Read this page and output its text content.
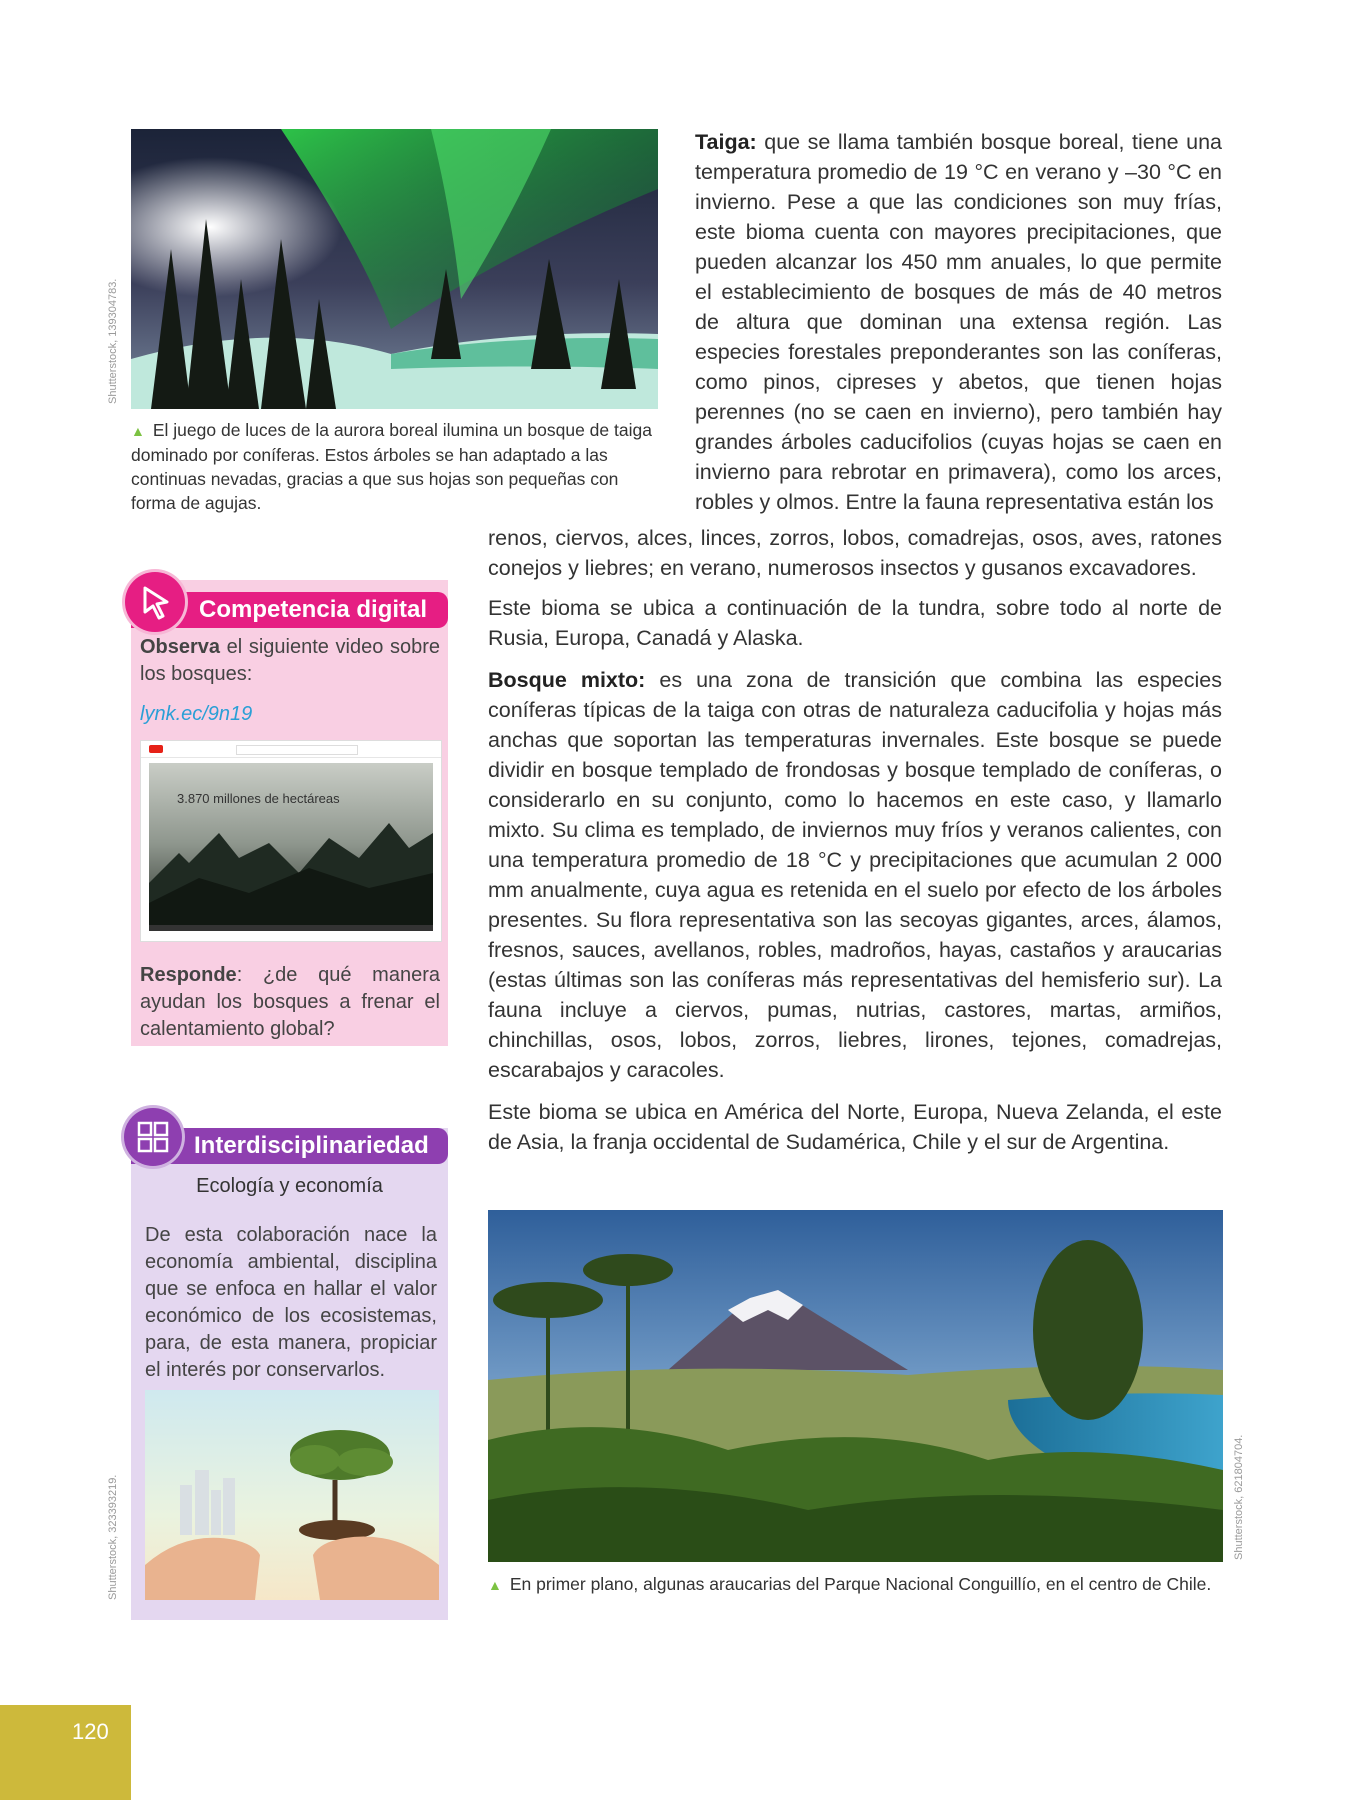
Shutterstock, 139304783.
▲ El juego de luces de la aurora boreal ilumina un bosque de taiga dominado por coníferas. Estos árboles se han adaptado a las continuas nevadas, gracias a que sus hojas son pequeñas con forma de agujas.
Taiga: que se llama también bosque boreal, tiene una temperatura promedio de 19 °C en verano y –30 °C en invierno. Pese a que las condiciones son muy frías, este bioma cuenta con mayores precipitaciones, que pueden alcanzar los 450 mm anuales, lo que permite el establecimiento de bosques de más de 40 metros de altura que dominan una extensa región. Las especies forestales preponderantes son las coníferas, como pinos, cipreses y abetos, que tienen hojas perennes (no se caen en invierno), pero también hay grandes árboles caducifolios (cuyas hojas se caen en invierno para rebrotar en primavera), como los arces, robles y olmos. Entre la fauna representativa están los
renos, ciervos, alces, linces, zorros, lobos, comadrejas, osos, aves, ratones conejos y liebres; en verano, numerosos insectos y gusanos excavadores.
Este bioma se ubica a continuación de la tundra, sobre todo al norte de Rusia, Europa, Canadá y Alaska.
Bosque mixto: es una zona de transición que combina las especies coníferas típicas de la taiga con otras de naturaleza caducifolia y hojas más anchas que soportan las temperaturas invernales. Este bosque se puede dividir en bosque templado de frondosas y bosque templado de coníferas, o considerarlo en su conjunto, como lo hacemos en este caso, y llamarlo mixto. Su clima es templado, de inviernos muy fríos y veranos calientes, con una temperatura promedio de 18 °C y precipitaciones que acumulan 2 000 mm anualmente, cuya agua es retenida en el suelo por efecto de los árboles presentes. Su flora representativa son las secoyas gigantes, arces, álamos, fresnos, sauces, avellanos, robles, madroños, hayas, castaños y araucarias (estas últimas son las coníferas más representativas del hemisferio sur). La fauna incluye a ciervos, pumas, nutrias, castores, martas, armiños, chinchillas, osos, lobos, zorros, liebres, lirones, tejones, comadrejas, escarabajos y caracoles.
Este bioma se ubica en América del Norte, Europa, Nueva Zelanda, el este de Asia, la franja occidental de Sudamérica, Chile y el sur de Argentina.
Competencia digital
Observa el siguiente video sobre los bosques:
lynk.ec/9n19
3.870 millones de hectáreas
Responde: ¿de qué manera ayudan los bosques a frenar el calentamiento global?
Interdisciplinariedad
Ecología y economía
De esta colaboración nace la economía ambiental, disciplina que se enfoca en hallar el valor económico de los ecosistemas, para, de esta manera, propiciar el interés por conservarlos.
Shutterstock, 323393219.	Shutterstock, 621804704.
▲ En primer plano, algunas araucarias del Parque Nacional Conguillío, en el centro de Chile.
120
